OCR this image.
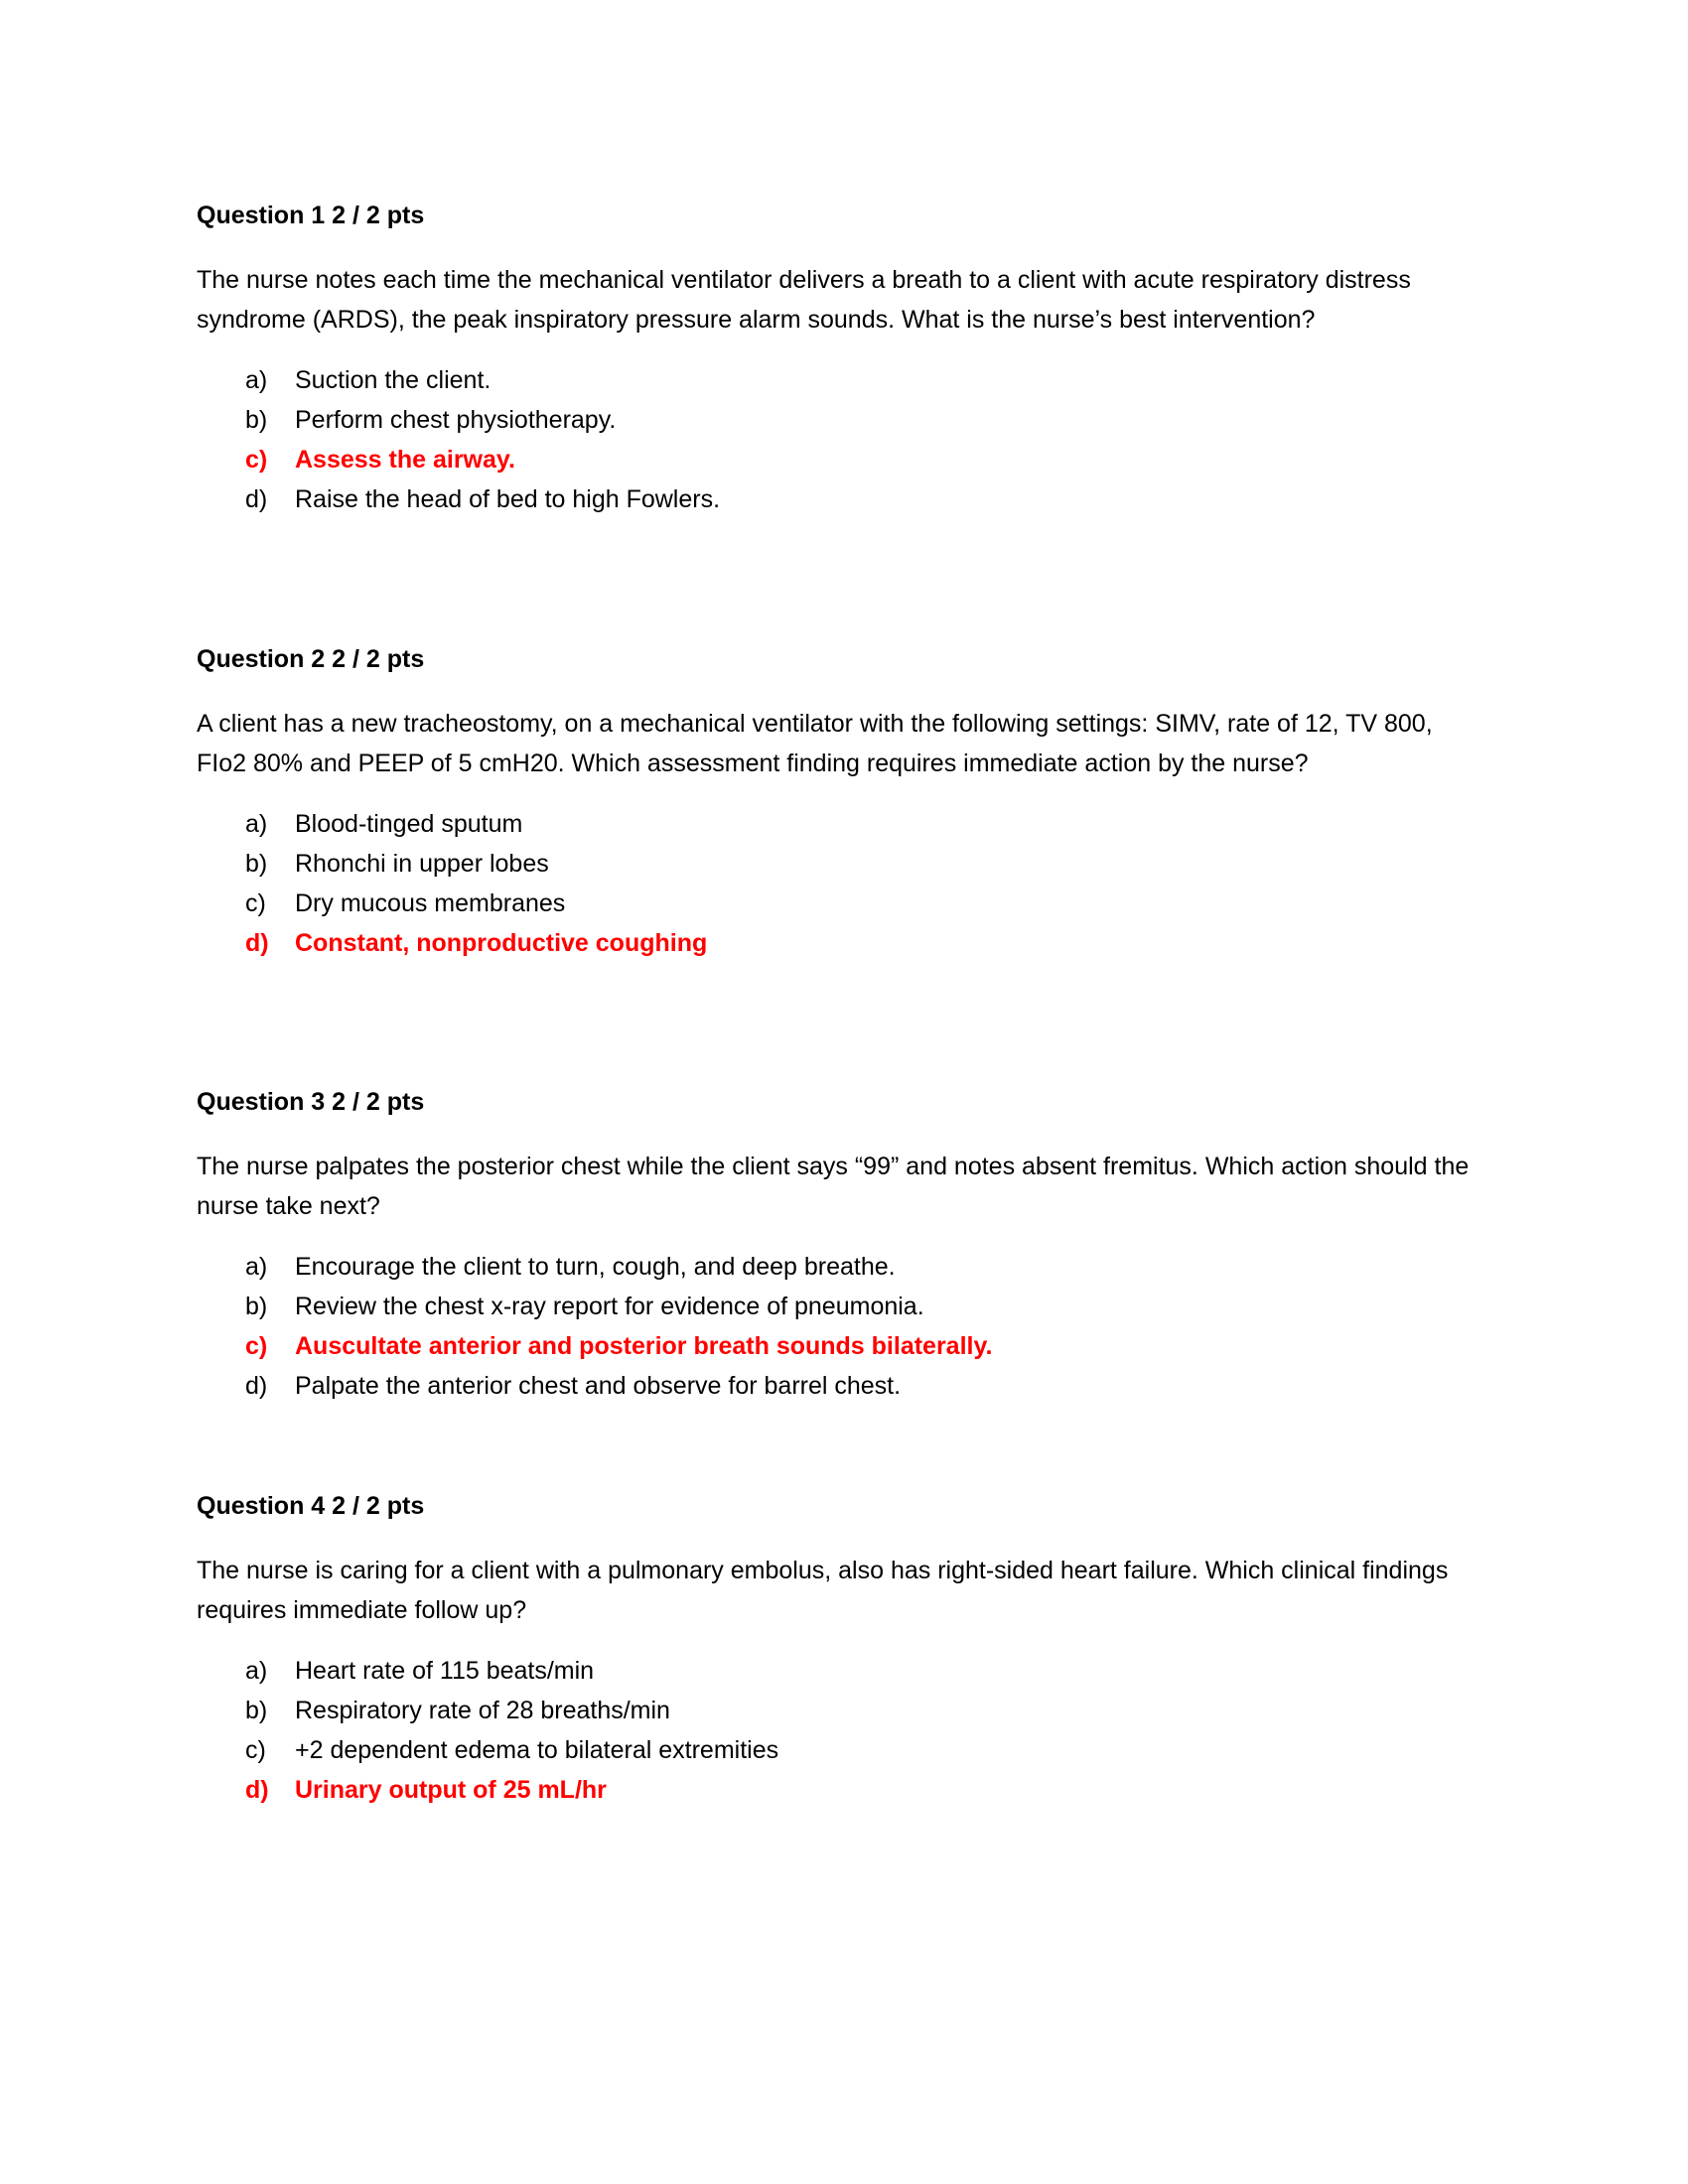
Question 1 2 / 2 pts
The nurse notes each time the mechanical ventilator delivers a breath to a client with acute respiratory distress syndrome (ARDS), the peak inspiratory pressure alarm sounds. What is the nurse’s best intervention?
a) Suction the client.
b) Perform chest physiotherapy.
c) Assess the airway.
d) Raise the head of bed to high Fowlers.
Question 2 2 / 2 pts
A client has a new tracheostomy, on a mechanical ventilator with the following settings: SIMV, rate of 12, TV 800, FIo2 80% and PEEP of 5 cmH20. Which assessment finding requires immediate action by the nurse?
a) Blood-tinged sputum
b) Rhonchi in upper lobes
c) Dry mucous membranes
d) Constant, nonproductive coughing
Question 3 2 / 2 pts
The nurse palpates the posterior chest while the client says “99” and notes absent fremitus. Which action should the nurse take next?
a) Encourage the client to turn, cough, and deep breathe.
b) Review the chest x-ray report for evidence of pneumonia.
c) Auscultate anterior and posterior breath sounds bilaterally.
d) Palpate the anterior chest and observe for barrel chest.
Question 4 2 / 2 pts
The nurse is caring for a client with a pulmonary embolus, also has right-sided heart failure. Which clinical findings requires immediate follow up?
a) Heart rate of 115 beats/min
b) Respiratory rate of 28 breaths/min
c) +2 dependent edema to bilateral extremities
d) Urinary output of 25 mL/hr
